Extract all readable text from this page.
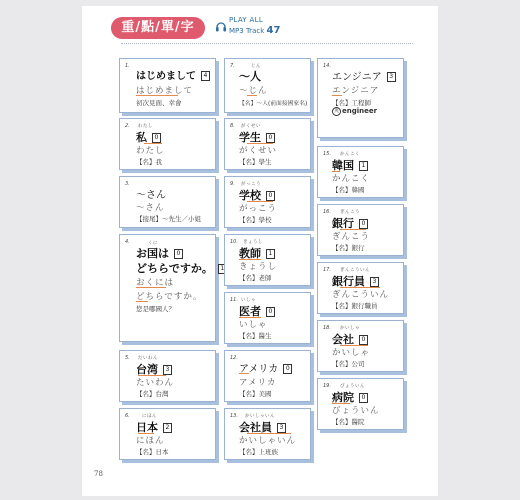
重/點/單/字	PLAY ALL
MP3 Track 47
1.
はじめまして 4
はじめまして
初次見面、幸會
2. わたし
私 0
わたし
【名】我
3.
〜さん
〜さん
【接尾】〜先生／小姐
4.	くに
お国は 0
どちらですか。 1
おくには
どちらですか。
您是哪國人？
5. たいわん
台湾 3
たいわん
【名】台灣
6.	にほん
日本 2
にほん
【名】日本
7.	じん
〜人
〜じん
【名】〜人(前面接國家名)
8. がくせい
学生 0
がくせい
【名】學生
9. がっこう
学校 0
がっこう
【名】學校
10. きょうし
教師 1
きょうし
【名】老師
11. いしゃ
医者 0
いしゃ
【名】醫生
12.
アメリカ 0
アメリカ
【名】美國
13. かいしゃいん
会社員 3
かいしゃいん
【名】上班族
14.
エンジニア 3
エンジニア
【名】工程師
英 engineer
15. かんこく
韓国 1
かんこく
【名】韓國
16. ぎんこう
銀行 0
ぎんこう
【名】銀行
17. ぎんこういん
銀行員 3
ぎんこういん
【名】銀行職員
18. かいしゃ
会社 0
かいしゃ
【名】公司
19. びょういん
病院 0
びょういん
【名】醫院
78
